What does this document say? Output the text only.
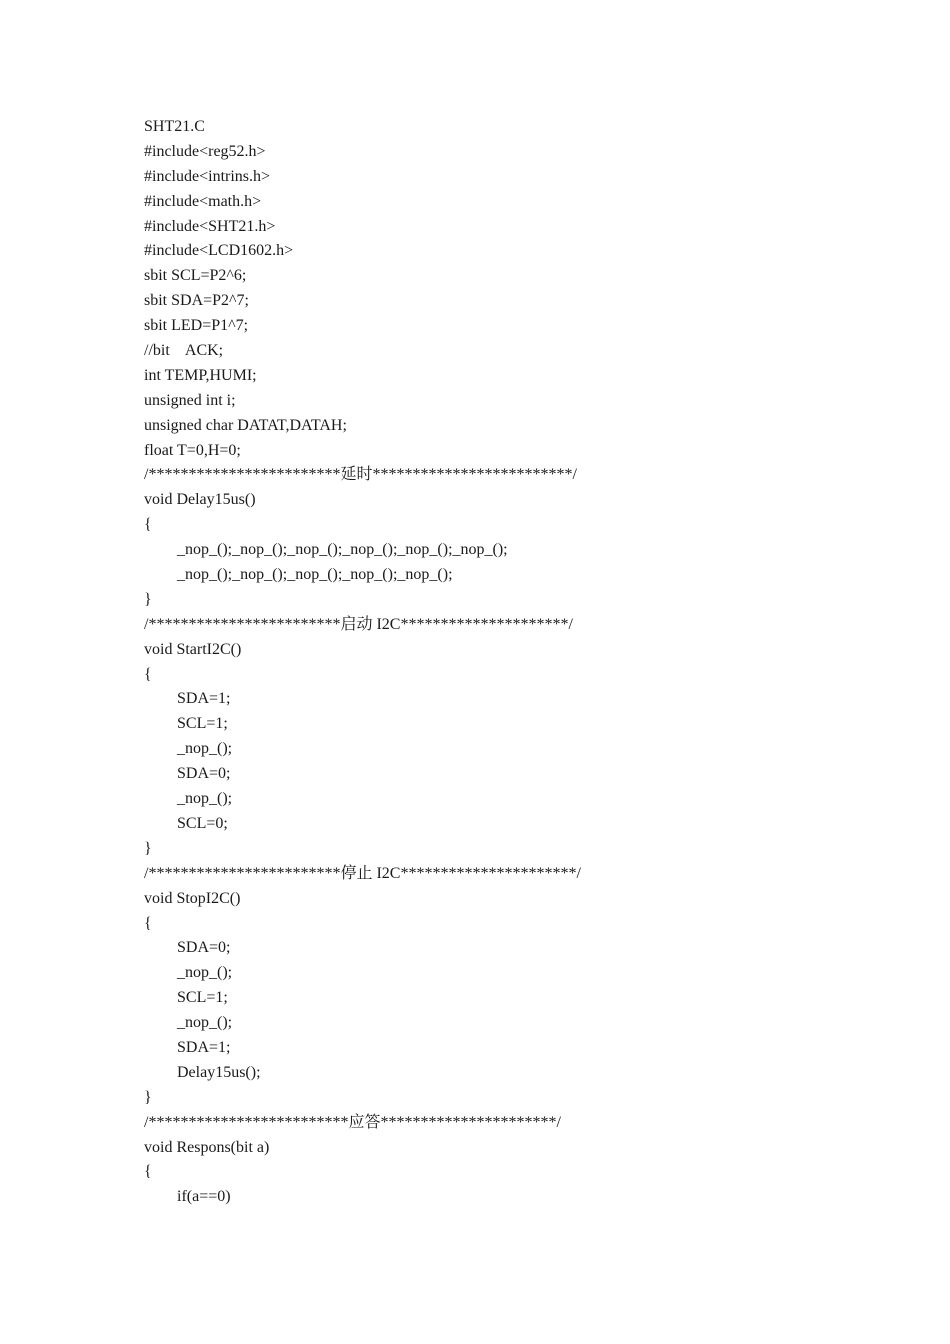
SHT21.C
#include<reg52.h>
#include<intrins.h>
#include<math.h>
#include<SHT21.h>
#include<LCD1602.h>
sbit SCL=P2^6;
sbit SDA=P2^7;
sbit LED=P1^7;
//bit    ACK;
int TEMP,HUMI;
unsigned int i;
unsigned char DATAT,DATAH;
float T=0,H=0;
/************************延时*************************/
void Delay15us()
{
_nop_();_nop_();_nop_();_nop_();_nop_();_nop_();
_nop_();_nop_();_nop_();_nop_();_nop_();
}
/************************启动 I2C*********************/
void StartI2C()
{
SDA=1;
SCL=1;
_nop_();
SDA=0;
_nop_();
SCL=0;
}
/************************停止 I2C**********************/
void StopI2C()
{
SDA=0;
_nop_();
SCL=1;
_nop_();
SDA=1;
Delay15us();
}
/*************************应答**********************/
void Respons(bit a)
{
if(a==0)
